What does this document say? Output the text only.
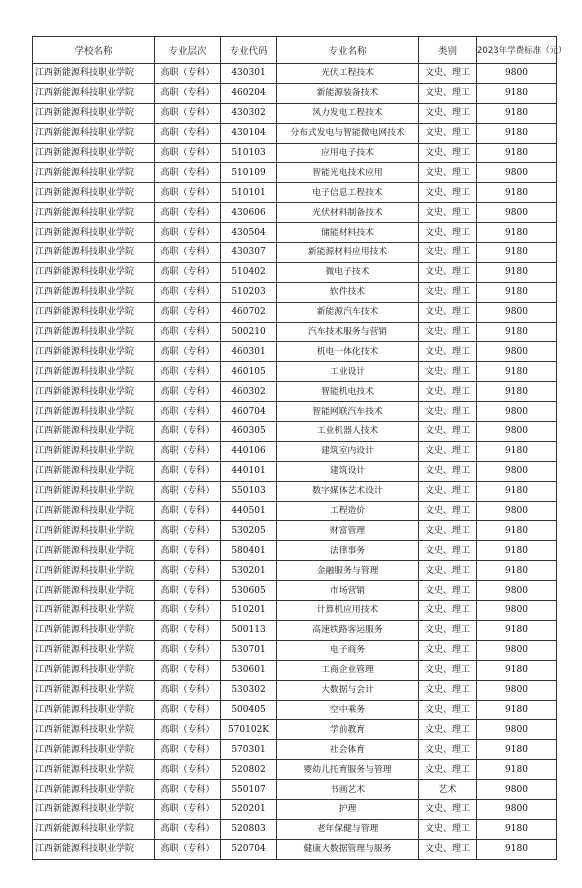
学校名称	专业层次	专业代码	专业名称	类别	2023年学费标准（元）
江西新能源科技职业学院	高职（专科）	430301	光伏工程技术	文史、理工	9800
江西新能源科技职业学院	高职（专科）	460204	新能源装备技术	文史、理工	9180
江西新能源科技职业学院	高职（专科）	430302	风力发电工程技术	文史、理工	9180
江西新能源科技职业学院	高职（专科）	430104	分布式发电与智能微电网技术	文史、理工	9180
江西新能源科技职业学院	高职（专科）	510103	应用电子技术	文史、理工	9180
江西新能源科技职业学院	高职（专科）	510109	智能光电技术应用	文史、理工	9800
江西新能源科技职业学院	高职（专科）	510101	电子信息工程技术	文史、理工	9180
江西新能源科技职业学院	高职（专科）	430606	光伏材料制备技术	文史、理工	9800
江西新能源科技职业学院	高职（专科）	430504	储能材料技术	文史、理工	9180
江西新能源科技职业学院	高职（专科）	430307	新能源材料应用技术	文史、理工	9180
江西新能源科技职业学院	高职（专科）	510402	微电子技术	文史、理工	9180
江西新能源科技职业学院	高职（专科）	510203	软件技术	文史、理工	9180
江西新能源科技职业学院	高职（专科）	460702	新能源汽车技术	文史、理工	9800
江西新能源科技职业学院	高职（专科）	500210	汽车技术服务与营销	文史、理工	9180
江西新能源科技职业学院	高职（专科）	460301	机电一体化技术	文史、理工	9800
江西新能源科技职业学院	高职（专科）	460105	工业设计	文史、理工	9180
江西新能源科技职业学院	高职（专科）	460302	智能机电技术	文史、理工	9180
江西新能源科技职业学院	高职（专科）	460704	智能网联汽车技术	文史、理工	9800
江西新能源科技职业学院	高职（专科）	460305	工业机器人技术	文史、理工	9800
江西新能源科技职业学院	高职（专科）	440106	建筑室内设计	文史、理工	9180
江西新能源科技职业学院	高职（专科）	440101	建筑设计	文史、理工	9800
江西新能源科技职业学院	高职（专科）	550103	数字媒体艺术设计	文史、理工	9180
江西新能源科技职业学院	高职（专科）	440501	工程造价	文史、理工	9800
江西新能源科技职业学院	高职（专科）	530205	财富管理	文史、理工	9180
江西新能源科技职业学院	高职（专科）	580401	法律事务	文史、理工	9180
江西新能源科技职业学院	高职（专科）	530201	金融服务与管理	文史、理工	9180
江西新能源科技职业学院	高职（专科）	530605	市场营销	文史、理工	9800
江西新能源科技职业学院	高职（专科）	510201	计算机应用技术	文史、理工	9800
江西新能源科技职业学院	高职（专科）	500113	高速铁路客运服务	文史、理工	9180
江西新能源科技职业学院	高职（专科）	530701	电子商务	文史、理工	9800
江西新能源科技职业学院	高职（专科）	530601	工商企业管理	文史、理工	9180
江西新能源科技职业学院	高职（专科）	530302	大数据与会计	文史、理工	9800
江西新能源科技职业学院	高职（专科）	500405	空中乘务	文史、理工	9180
江西新能源科技职业学院	高职（专科）	570102K	学前教育	文史、理工	9800
江西新能源科技职业学院	高职（专科）	570301	社会体育	文史、理工	9180
江西新能源科技职业学院	高职（专科）	520802	婴幼儿托育服务与管理	文史、理工	9180
江西新能源科技职业学院	高职（专科）	550107	书画艺术	艺术	9800
江西新能源科技职业学院	高职（专科）	520201	护理	文史、理工	9800
江西新能源科技职业学院	高职（专科）	520803	老年保健与管理	文史、理工	9180
江西新能源科技职业学院	高职（专科）	520704	健康大数据管理与服务	文史、理工	9180
